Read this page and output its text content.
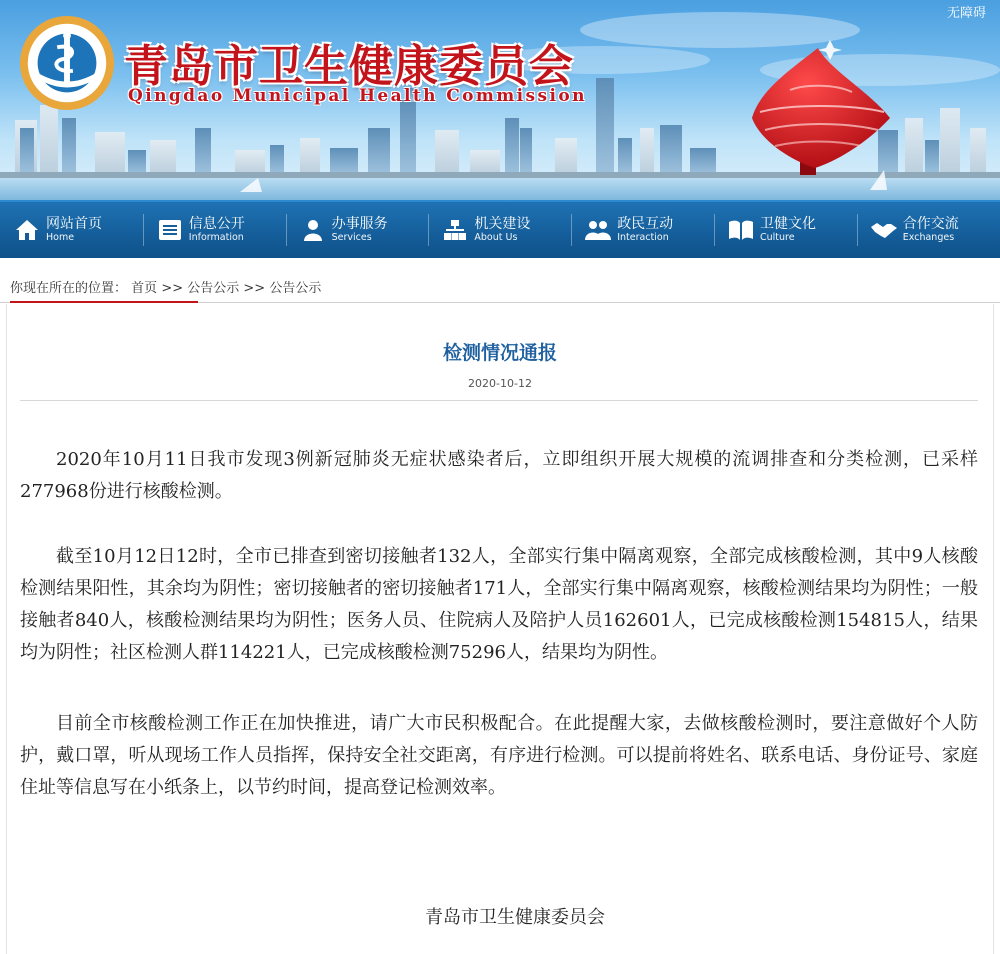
无障碍
青岛市卫生健康委员会
Qingdao Municipal Health Commission
网站首页
Home
信息公开
Information
办事服务
Services
机关建设
About Us
政民互动
Interaction
卫健文化
Culture
合作交流
Exchanges
你现在所在的位置： 首页 >> 公告公示 >> 公告公示
检测情况通报
2020-10-12

2020年10月11日我市发现3例新冠肺炎无症状感染者后，立即组织开展大规模的流调排查和分类检测，已采样277968份进行核酸检测。

截至10月12日12时，全市已排查到密切接触者132人，全部实行集中隔离观察，全部完成核酸检测，其中9人核酸检测结果阳性，其余均为阴性；密切接触者的密切接触者171人，全部实行集中隔离观察，核酸检测结果均为阴性；一般接触者840人，核酸检测结果均为阴性；医务人员、住院病人及陪护人员162601人，已完成核酸检测154815人，结果均为阴性；社区检测人群114221人，已完成核酸检测75296人，结果均为阴性。

目前全市核酸检测工作正在加快推进，请广大市民积极配合。在此提醒大家，去做核酸检测时，要注意做好个人防护，戴口罩，听从现场工作人员指挥，保持安全社交距离，有序进行检测。可以提前将姓名、联系电话、身份证号、家庭住址等信息写在小纸条上，以节约时间，提高登记检测效率。

青岛市卫生健康委员会
